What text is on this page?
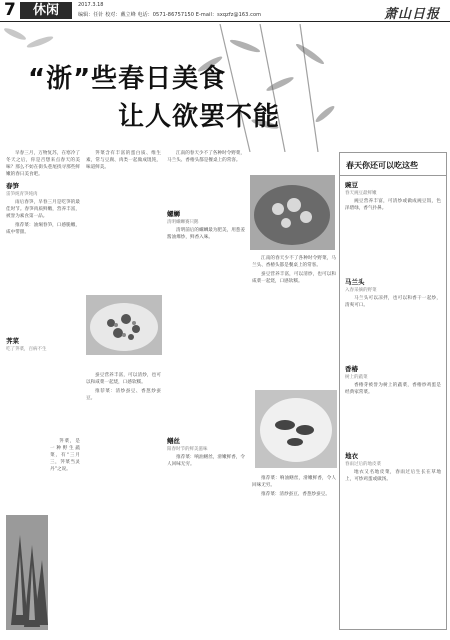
7	休闲	2017.3.18
编辑：任针 校对：戴立峰 电话：0571-86757150 E-mail：sxqzfz@163.com	萧山日报
“浙”些春日美食
让人欲罢不能

早春三月，万物复苏，在寒冷了冬天之后，你是否想来点春天的美味？那么不妨在街头巷尾找寻那些鲜嫩的春日美食吧。

春笋
雷笋炖青笋炖肉

雨后春笋，早春三月是吃笋的最佳时节。春笋肉质鲜嫩，营养丰富，被誉为素食第一品。

推荐菜：油焖春笋，口感脆嫩，咸中带甜。

荠菜
吃了荠菜，百病不生

荠菜，是一种野生蔬菜，有“三月三，荠菜当灵丹”之说。

荠菜含有丰富的蛋白质、维生素，常与豆腐、肉类一起做成馄饨，味道鲜美。

蚕豆营养丰富，可以清炒，也可以和咸菜一起烧，口感软糯。

推荐菜：清炒蚕豆、香葱炒蚕豆。

江南的春天少不了各种时令野菜，马兰头、香椿头都是餐桌上的常客。

螺蛳
清明螺蛳赛只鹅

清明前后的螺蛳最为肥美，用葱姜酱油爆炒，鲜香入味。

鳝丝
阳春时节的鲜美滋味

推荐菜：响油鳝丝，滑嫩鲜香，令人回味无穷。

江南的春天少不了各种时令野菜，马兰头、香椿头都是餐桌上的常客。

蚕豆营养丰富，可以清炒，也可以和咸菜一起烧，口感软糯。

推荐菜：响油鳝丝，滑嫩鲜香，令人回味无穷。

推荐菜：清炒蚕豆、香葱炒蚕豆。

春天你还可以吃这些
豌豆
春天豌豆最鲜嫩

豌豆营养丰富，可清炒或做成豌豆饭，色泽碧绿，香气扑鼻。

马兰头
入春采摘的野菜

马兰头可以凉拌，也可以和香干一起炒，清爽可口。

香椿
树上的蔬菜

香椿芽被誉为树上的蔬菜，香椿炒鸡蛋是经典家常菜。

地衣
春雨过后的地皮菜

地衣又名地皮菜，春雨过后生长在草地上，可炒鸡蛋或做汤。
